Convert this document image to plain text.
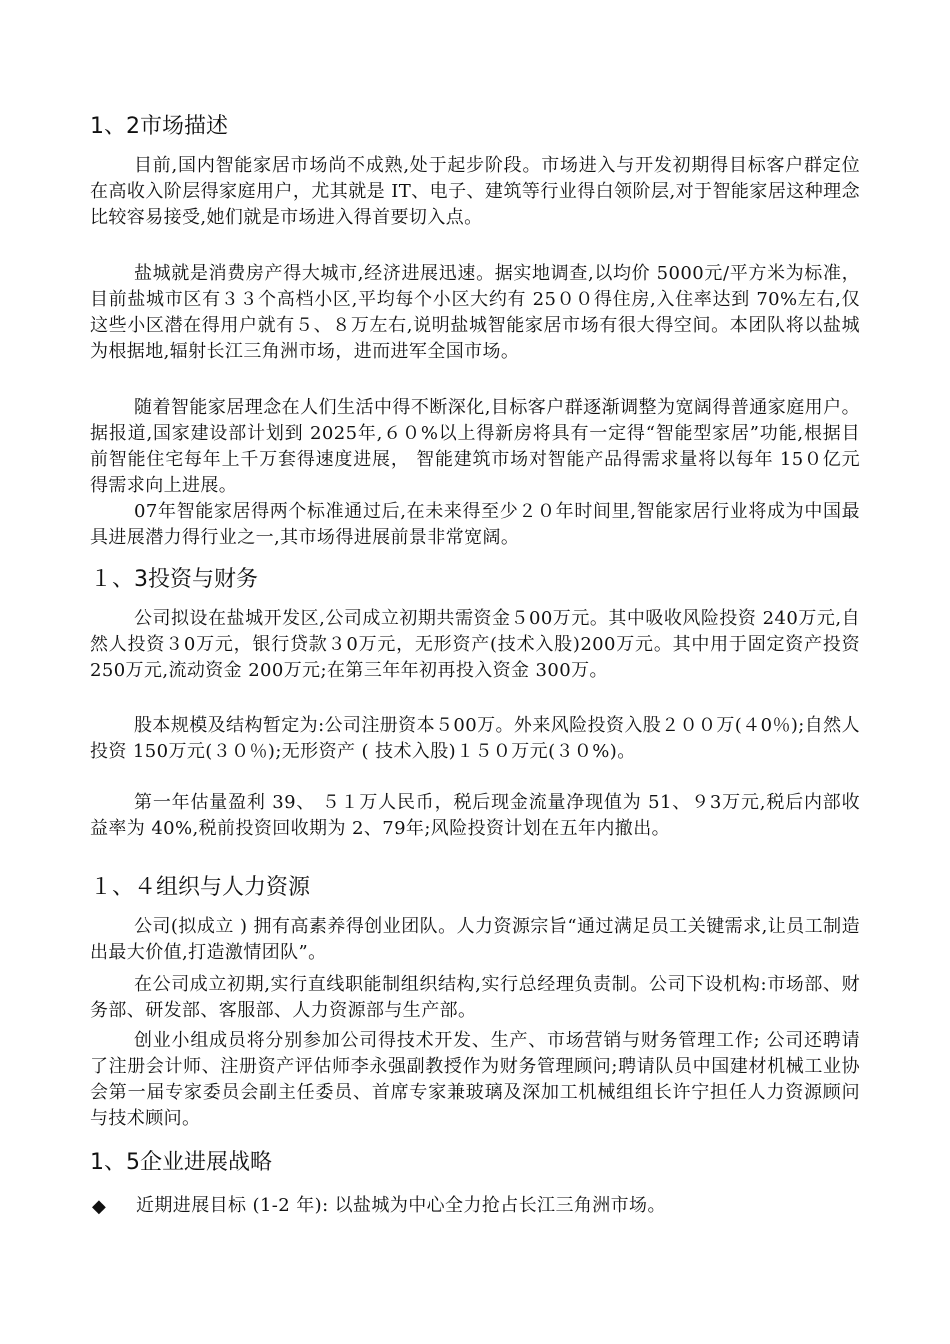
1、2市场描述

目前,国内智能家居市场尚不成熟,处于起步阶段。市场进入与开发初期得目标客户群定位在高收入阶层得家庭用户，尤其就是 IT、电子、建筑等行业得白领阶层,对于智能家居这种理念比较容易接受,她们就是市场进入得首要切入点。

盐城就是消费房产得大城市,经济进展迅速。据实地调查,以均价 5000元/平方米为标准，目前盐城市区有３３个高档小区,平均每个小区大约有 25００得住房,入住率达到 70%左右,仅这些小区潜在得用户就有５、８万左右,说明盐城智能家居市场有很大得空间。本团队将以盐城为根据地,辐射长江三角洲市场，进而进军全国市场。

随着智能家居理念在人们生活中得不断深化,目标客户群逐渐调整为宽阔得普通家庭用户。据报道,国家建设部计划到 2025年,６０%以上得新房将具有一定得“智能型家居”功能,根据目前智能住宅每年上千万套得速度进展， 智能建筑市场对智能产品得需求量将以每年 15０亿元得需求向上进展。

07年智能家居得两个标准通过后,在未来得至少２０年时间里,智能家居行业将成为中国最具进展潜力得行业之一,其市场得进展前景非常宽阔。

１、3投资与财务

公司拟设在盐城开发区,公司成立初期共需资金５00万元。其中吸收风险投资 240万元,自然人投资３0万元，银行贷款３0万元，无形资产(技术入股)200万元。其中用于固定资产投资 250万元,流动资金 200万元;在第三年年初再投入资金 300万。

股本规模及结构暂定为:公司注册资本５00万。外来风险投资入股２００万(４0％);自然人投资 150万元(３０％);无形资产 ( 技术入股)１５０万元(３０%)。

第一年估量盈利 39、 ５１万人民币，税后现金流量净现值为 51、９3万元,税后内部收益率为 40%,税前投资回收期为 2、79年;风险投资计划在五年内撤出。

１、４组织与人力资源

公司(拟成立 ) 拥有高素养得创业团队。人力资源宗旨“通过满足员工关键需求,让员工制造出最大价值,打造激情团队”。

在公司成立初期,实行直线职能制组织结构,实行总经理负责制。公司下设机构:市场部、财务部、研发部、客服部、人力资源部与生产部。

创业小组成员将分别参加公司得技术开发、生产、市场营销与财务管理工作; 公司还聘请了注册会计师、注册资产评估师李永强副教授作为财务管理顾问;聘请队员中国建材机械工业协会第一届专家委员会副主任委员、首席专家兼玻璃及深加工机械组组长许宁担任人力资源顾问与技术顾问。

1、5企业进展战略
◆ 近期进展目标 (1-2 年): 以盐城为中心全力抢占长江三角洲市场。
